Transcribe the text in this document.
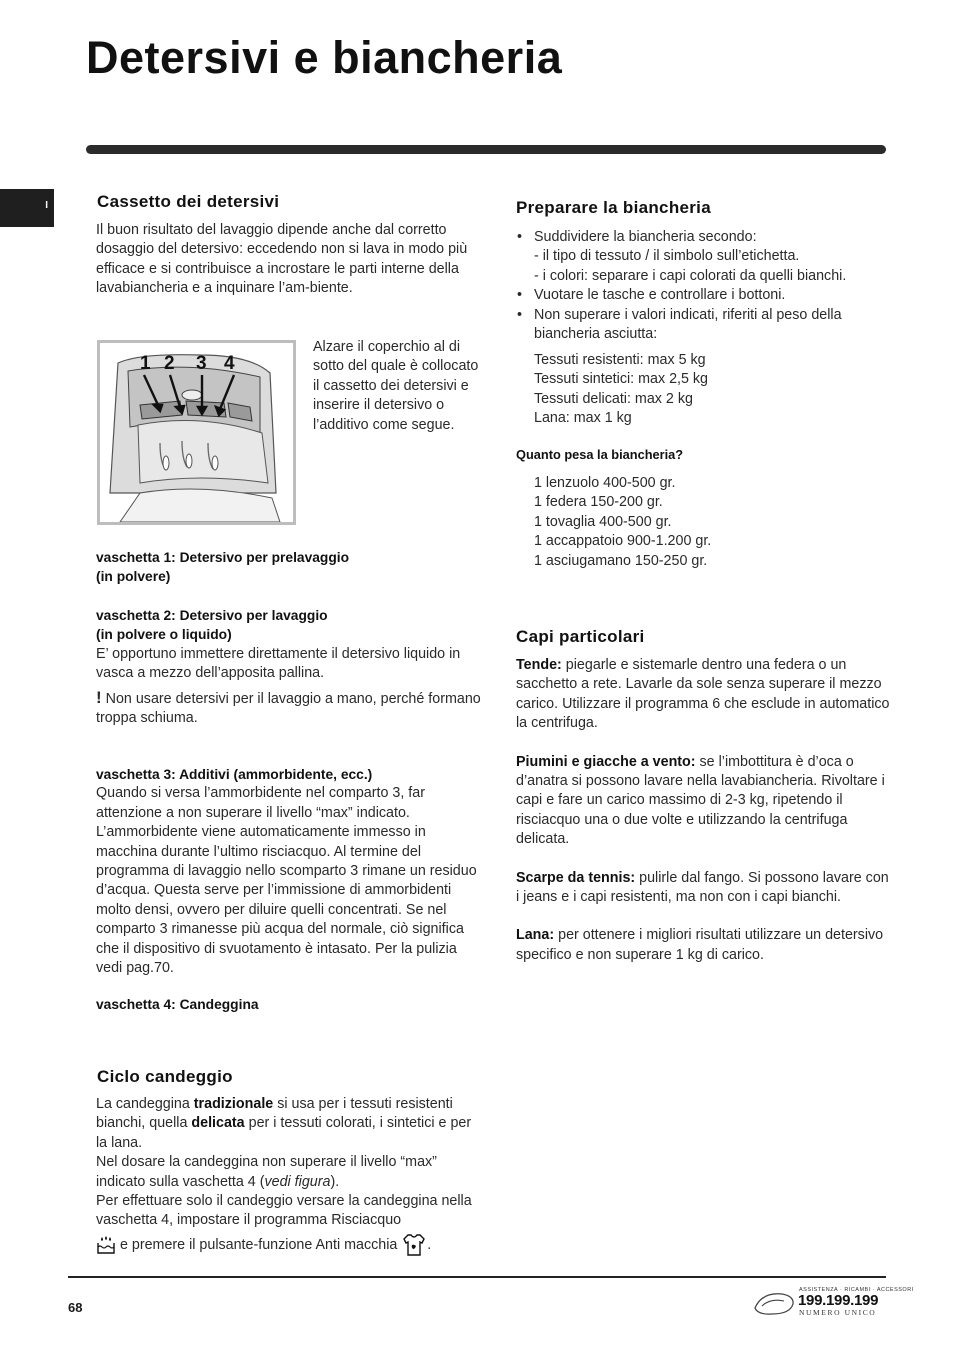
Detersivi e biancheria
I	Cassetto dei detersivi

Il buon risultato del lavaggio dipende anche dal corretto dosaggio del detersivo: eccedendo non si lava in modo più efficace e si contribuisce a incrostare le parti interne della lavabiancheria e a inquinare l’am-biente.

1 2 3 4

Alzare il coperchio al di sotto del quale è collocato il cassetto dei detersivi e inserire il detersivo o l’additivo come segue.

vaschetta 1: Detersivo per prelavaggio
(in polvere)
vaschetta 2: Detersivo per lavaggio
(in polvere o liquido)

E’ opportuno immettere direttamente il detersivo liquido in vasca a mezzo dell’apposita pallina.

! Non usare detersivi per il lavaggio a mano, perché formano troppa schiuma.

vaschetta 3: Additivi (ammorbidente, ecc.)

Quando si versa l’ammorbidente nel comparto 3, far attenzione a non superare il livello “max” indicato. L’ammorbidente viene automaticamente immesso in macchina durante l’ultimo risciacquo. Al termine del programma di lavaggio nello scomparto 3 rimane un residuo d’acqua. Questa serve per l’immissione di ammorbidenti molto densi, ovvero per diluire quelli concentrati. Se nel comparto 3 rimanesse più acqua del normale, ciò significa che il dispositivo di svuotamento è intasato. Per la pulizia vedi pag.70.

vaschetta 4: Candeggina
Ciclo candeggio

La candeggina tradizionale si usa per i tessuti resistenti bianchi, quella delicata per i tessuti colorati, i sintetici e per la lana.

Nel dosare la candeggina non superare il livello “max” indicato sulla vaschetta 4 (vedi figura).

Per effettuare solo il candeggio versare la candeggina nella vaschetta 4, impostare il programma Risciacquo

e premere il pulsante-funzione Anti macchia .

Preparare la biancheria
• Suddividere la biancheria secondo:
- il tipo di tessuto / il simbolo sull’etichetta.
- i colori: separare i capi colorati da quelli bianchi.
• Vuotare le tasche e controllare i bottoni.
• Non superare i valori indicati, riferiti al peso della biancheria asciutta:
Tessuti resistenti: max 5 kg
Tessuti sintetici: max 2,5 kg
Tessuti delicati: max 2 kg
Lana: max 1 kg
Quanto pesa la biancheria?
1 lenzuolo 400-500 gr.
1 federa 150-200 gr.
1 tovaglia 400-500 gr.
1 accappatoio 900-1.200 gr.
1 asciugamano 150-250 gr.
Capi particolari

Tende: piegarle e sistemarle dentro una federa o un sacchetto a rete. Lavarle da sole senza superare il mezzo carico. Utilizzare il programma 6 che esclude in automatico la centrifuga.

Piumini e giacche a vento: se l’imbottitura è d’oca o d’anatra si possono lavare nella lavabiancheria. Rivoltare i capi e fare un carico massimo di 2-3 kg, ripetendo il risciacquo una o due volte e utilizzando la centrifuga delicata.

Scarpe da tennis: pulirle dal fango. Si possono lavare con i jeans e i capi resistenti, ma non con i capi bianchi.

Lana: per ottenere i migliori risultati utilizzare un detersivo specifico e non superare 1 kg di carico.

68
ASSISTENZA · RICAMBI · ACCESSORI
199.199.199
NUMERO UNICO
